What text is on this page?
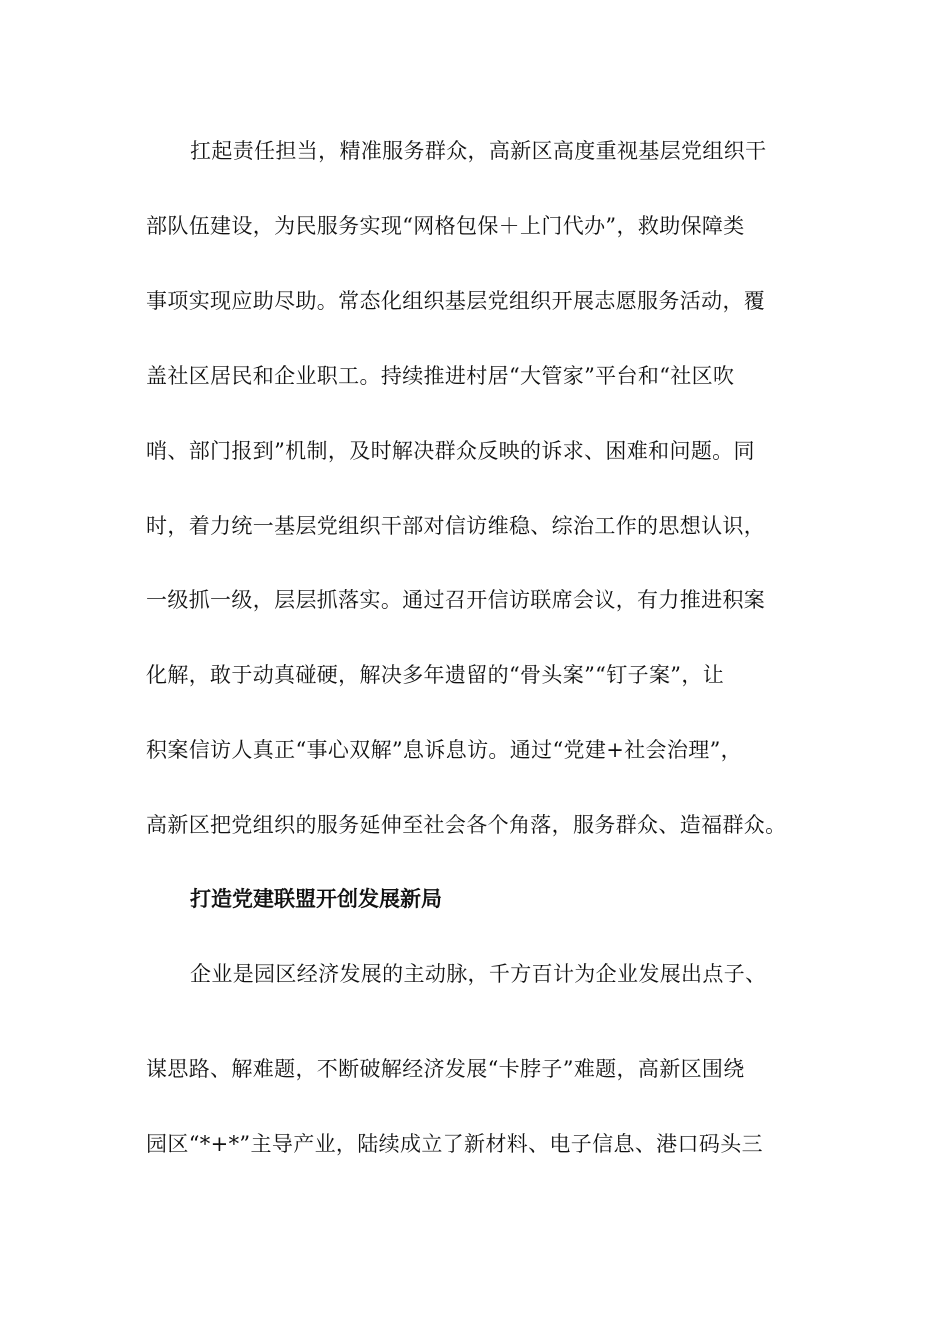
扛起责任担当，精准服务群众，高新区高度重视基层党组织干
部队伍建设，为民服务实现“网格包保＋上门代办”，救助保障类
事项实现应助尽助。常态化组织基层党组织开展志愿服务活动，覆
盖社区居民和企业职工。持续推进村居“大管家”平台和“社区吹
哨、部门报到”机制，及时解决群众反映的诉求、困难和问题。同
时，着力统一基层党组织干部对信访维稳、综治工作的思想认识，
一级抓一级，层层抓落实。通过召开信访联席会议，有力推进积案
化解，敢于动真碰硬，解决多年遗留的“骨头案”“钉子案”，让
积案信访人真正“事心双解”息诉息访。通过“党建+社会治理”，
高新区把党组织的服务延伸至社会各个角落，服务群众、造福群众。
打造党建联盟开创发展新局
企业是园区经济发展的主动脉，千方百计为企业发展出点子、
谋思路、解难题，不断破解经济发展“卡脖子”难题，高新区围绕
园区“*+*”主导产业，陆续成立了新材料、电子信息、港口码头三
